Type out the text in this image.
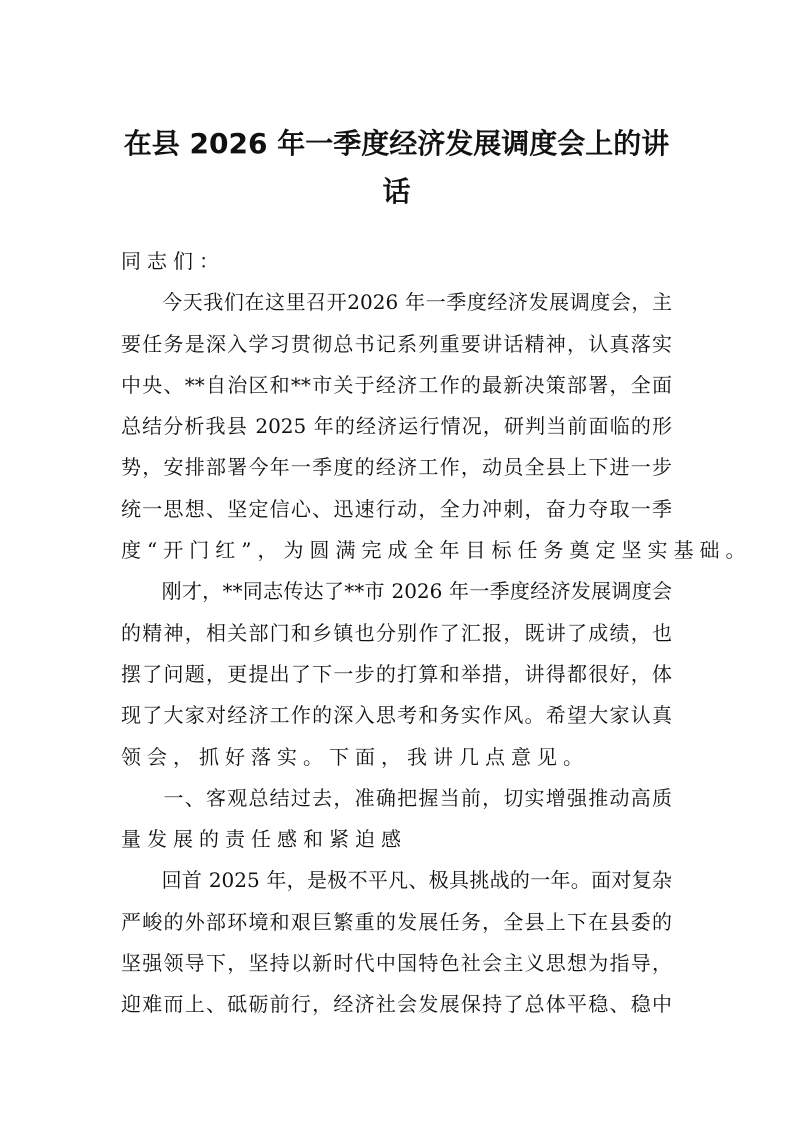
在县 2026 年一季度经济发展调度会上的讲
话
同志们：
　　今天我们在这里召开2026 年一季度经济发展调度会，主
要任务是深入学习贯彻总书记系列重要讲话精神，认真落实
中央、**自治区和**市关于经济工作的最新决策部署，全面
总结分析我县 2025 年的经济运行情况，研判当前面临的形
势，安排部署今年一季度的经济工作，动员全县上下进一步
统一思想、坚定信心、迅速行动，全力冲刺，奋力夺取一季
度“开门红”，为圆满完成全年目标任务奠定坚实基础。
　　刚才，**同志传达了**市 2026 年一季度经济发展调度会
的精神，相关部门和乡镇也分别作了汇报，既讲了成绩，也
摆了问题，更提出了下一步的打算和举措，讲得都很好，体
现了大家对经济工作的深入思考和务实作风。希望大家认真
领会，抓好落实。下面，我讲几点意见。
　　一、客观总结过去，准确把握当前，切实增强推动高质
量发展的责任感和紧迫感
　　回首 2025 年，是极不平凡、极具挑战的一年。面对复杂
严峻的外部环境和艰巨繁重的发展任务，全县上下在县委的
坚强领导下，坚持以新时代中国特色社会主义思想为指导，
迎难而上、砥砺前行，经济社会发展保持了总体平稳、稳中
